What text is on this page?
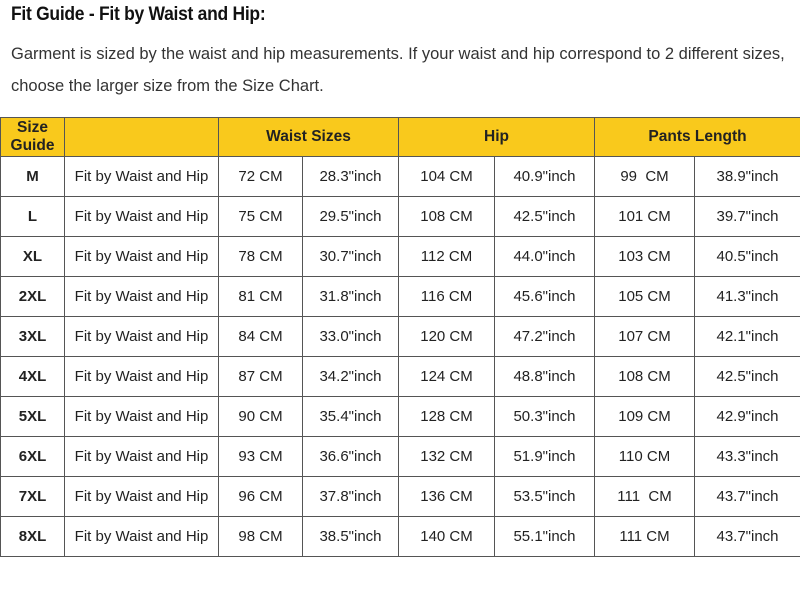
Fit Guide - Fit by Waist and Hip:
Garment is sized by the waist and hip measurements. If your waist and hip correspond to 2 different sizes, choose the larger size from the Size Chart.
Size
Guide		Waist Sizes		Hip		Pants Length	
M	Fit by Waist and Hip	72 CM	28.3"inch	104 CM	40.9"inch	99  CM	38.9"inch
L	Fit by Waist and Hip	75 CM	29.5"inch	108 CM	42.5"inch	101 CM	39.7"inch
XL	Fit by Waist and Hip	78 CM	30.7"inch	112 CM	44.0"inch	103 CM	40.5"inch
2XL	Fit by Waist and Hip	81 CM	31.8"inch	116 CM	45.6"inch	105 CM	41.3"inch
3XL	Fit by Waist and Hip	84 CM	33.0"inch	120 CM	47.2"inch	107 CM	42.1"inch
4XL	Fit by Waist and Hip	87 CM	34.2"inch	124 CM	48.8"inch	108 CM	42.5"inch
5XL	Fit by Waist and Hip	90 CM	35.4"inch	128 CM	50.3"inch	109 CM	42.9"inch
6XL	Fit by Waist and Hip	93 CM	36.6"inch	132 CM	51.9"inch	110 CM	43.3"inch
7XL	Fit by Waist and Hip	96 CM	37.8"inch	136 CM	53.5"inch	111  CM	43.7"inch
8XL	Fit by Waist and Hip	98 CM	38.5"inch	140 CM	55.1"inch	111 CM	43.7"inch
